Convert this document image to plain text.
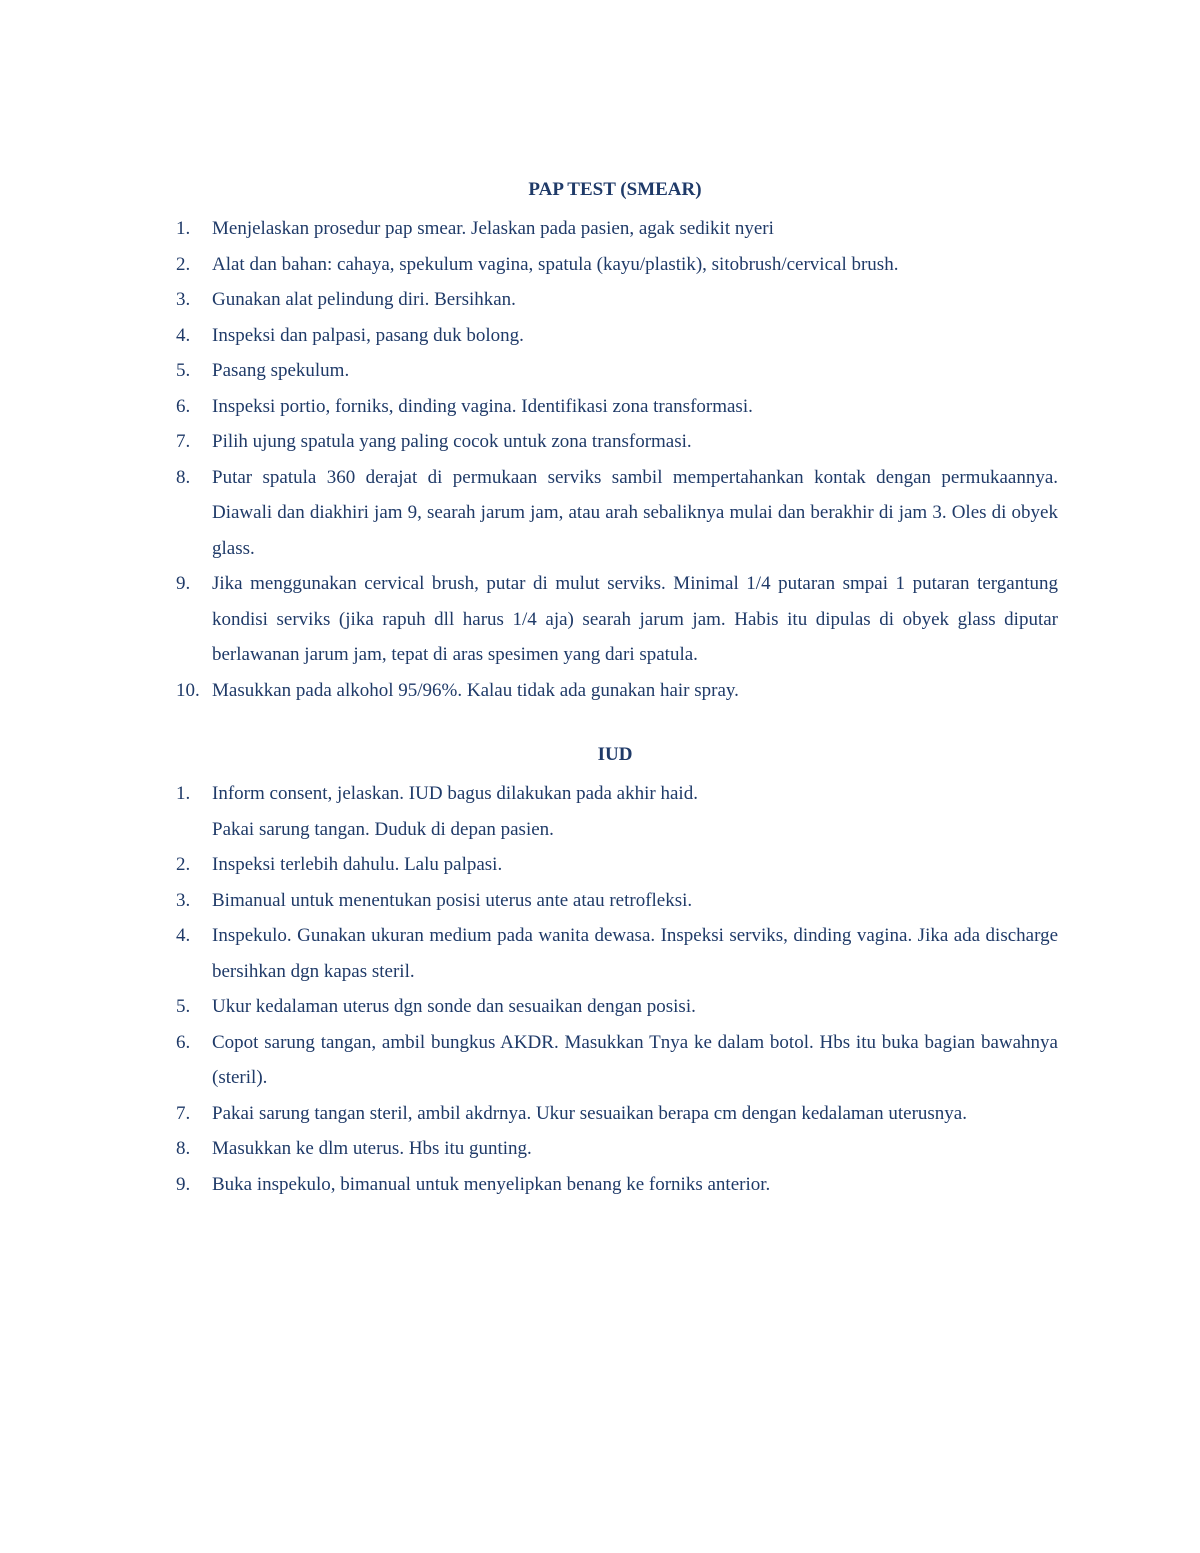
PAP TEST (SMEAR)
1. Menjelaskan prosedur pap smear. Jelaskan pada pasien, agak sedikit nyeri
2. Alat dan bahan: cahaya, spekulum vagina, spatula (kayu/plastik), sitobrush/cervical brush.
3. Gunakan alat pelindung diri. Bersihkan.
4. Inspeksi dan palpasi, pasang duk bolong.
5. Pasang spekulum.
6. Inspeksi portio, forniks, dinding vagina. Identifikasi zona transformasi.
7. Pilih ujung spatula yang paling cocok untuk zona transformasi.
8. Putar spatula 360 derajat di permukaan serviks sambil mempertahankan kontak dengan permukaannya. Diawali dan diakhiri jam 9, searah jarum jam, atau arah sebaliknya mulai dan berakhir di jam 3. Oles di obyek glass.
9. Jika menggunakan cervical brush, putar di mulut serviks. Minimal 1/4 putaran smpai 1 putaran tergantung kondisi serviks (jika rapuh dll harus 1/4 aja) searah jarum jam. Habis itu dipulas di obyek glass diputar berlawanan jarum jam, tepat di aras spesimen yang dari spatula.
10. Masukkan pada alkohol 95/96%. Kalau tidak ada gunakan hair spray.
IUD
1. Inform consent, jelaskan. IUD bagus dilakukan pada akhir haid.
Pakai sarung tangan. Duduk di depan pasien.
2. Inspeksi terlebih dahulu. Lalu palpasi.
3. Bimanual untuk menentukan posisi uterus ante atau retrofleksi.
4. Inspekulo. Gunakan ukuran medium pada wanita dewasa. Inspeksi serviks, dinding vagina. Jika ada discharge bersihkan dgn kapas steril.
5. Ukur kedalaman uterus dgn sonde dan sesuaikan dengan posisi.
6. Copot sarung tangan, ambil bungkus AKDR. Masukkan Tnya ke dalam botol. Hbs itu buka bagian bawahnya (steril).
7. Pakai sarung tangan steril, ambil akdrnya. Ukur sesuaikan berapa cm dengan kedalaman uterusnya.
8. Masukkan ke dlm uterus. Hbs itu gunting.
9. Buka inspekulo, bimanual untuk menyelipkan benang ke forniks anterior.
